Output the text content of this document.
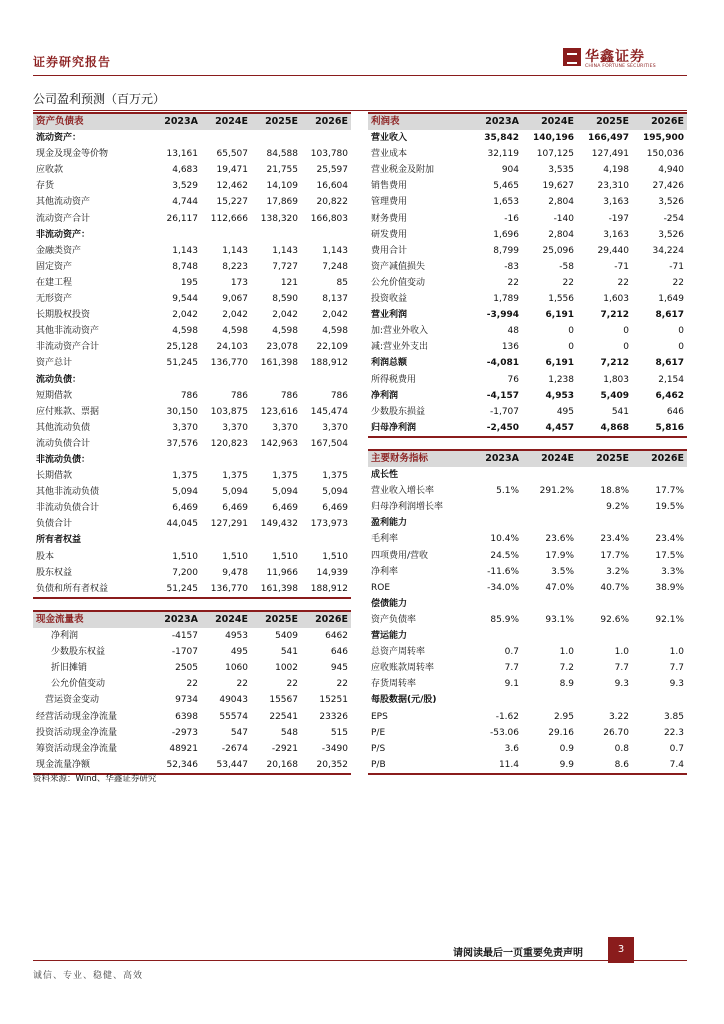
证券研究报告	华鑫证券
CHINA FORTUNE SECURITIES
公司盈利预测（百万元）
资产负债表	2023A	2024E	2025E	2026E
流动资产：				
现金及现金等价物	13,161	65,507	84,588	103,780
应收款	4,683	19,471	21,755	25,597
存货	3,529	12,462	14,109	16,604
其他流动资产	4,744	15,227	17,869	20,822
流动资产合计	26,117	112,666	138,320	166,803
非流动资产：				
金融类资产	1,143	1,143	1,143	1,143
固定资产	8,748	8,223	7,727	7,248
在建工程	195	173	121	85
无形资产	9,544	9,067	8,590	8,137
长期股权投资	2,042	2,042	2,042	2,042
其他非流动资产	4,598	4,598	4,598	4,598
非流动资产合计	25,128	24,103	23,078	22,109
资产总计	51,245	136,770	161,398	188,912
流动负债：				
短期借款	786	786	786	786
应付账款、票据	30,150	103,875	123,616	145,474
其他流动负债	3,370	3,370	3,370	3,370
流动负债合计	37,576	120,823	142,963	167,504
非流动负债：				
长期借款	1,375	1,375	1,375	1,375
其他非流动负债	5,094	5,094	5,094	5,094
非流动负债合计	6,469	6,469	6,469	6,469
负债合计	44,045	127,291	149,432	173,973
所有者权益				
股本	1,510	1,510	1,510	1,510
股东权益	7,200	9,478	11,966	14,939
负债和所有者权益	51,245	136,770	161,398	188,912
现金流量表	2023A	2024E	2025E	2026E
净利润	-4157	4953	5409	6462
少数股东权益	-1707	495	541	646
折旧摊销	2505	1060	1002	945
公允价值变动	22	22	22	22
营运资金变动	9734	49043	15567	15251
经营活动现金净流量	6398	55574	22541	23326
投资活动现金净流量	-2973	547	548	515
筹资活动现金净流量	48921	-2674	-2921	-3490
现金流量净额	52,346	53,447	20,168	20,352
利润表	2023A	2024E	2025E	2026E
营业收入	35,842	140,196	166,497	195,900
营业成本	32,119	107,125	127,491	150,036
营业税金及附加	904	3,535	4,198	4,940
销售费用	5,465	19,627	23,310	27,426
管理费用	1,653	2,804	3,163	3,526
财务费用	-16	-140	-197	-254
研发费用	1,696	2,804	3,163	3,526
费用合计	8,799	25,096	29,440	34,224
资产减值损失	-83	-58	-71	-71
公允价值变动	22	22	22	22
投资收益	1,789	1,556	1,603	1,649
营业利润	-3,994	6,191	7,212	8,617
加:营业外收入	48	0	0	0
减:营业外支出	136	0	0	0
利润总额	-4,081	6,191	7,212	8,617
所得税费用	76	1,238	1,803	2,154
净利润	-4,157	4,953	5,409	6,462
少数股东损益	-1,707	495	541	646
归母净利润	-2,450	4,457	4,868	5,816
主要财务指标	2023A	2024E	2025E	2026E
成长性				
营业收入增长率	5.1%	291.2%	18.8%	17.7%
归母净利润增长率			9.2%	19.5%
盈利能力				
毛利率	10.4%	23.6%	23.4%	23.4%
四项费用/营收	24.5%	17.9%	17.7%	17.5%
净利率	-11.6%	3.5%	3.2%	3.3%
ROE	-34.0%	47.0%	40.7%	38.9%
偿债能力				
资产负债率	85.9%	93.1%	92.6%	92.1%
营运能力				
总资产周转率	0.7	1.0	1.0	1.0
应收账款周转率	7.7	7.2	7.7	7.7
存货周转率	9.1	8.9	9.3	9.3
每股数据(元/股)				
EPS	-1.62	2.95	3.22	3.85
P/E	-53.06	29.16	26.70	22.3
P/S	3.6	0.9	0.8	0.7
P/B	11.4	9.9	8.6	7.4
资料来源：Wind、华鑫证券研究
请阅读最后一页重要免责声明	3
诚信、专业、稳健、高效
